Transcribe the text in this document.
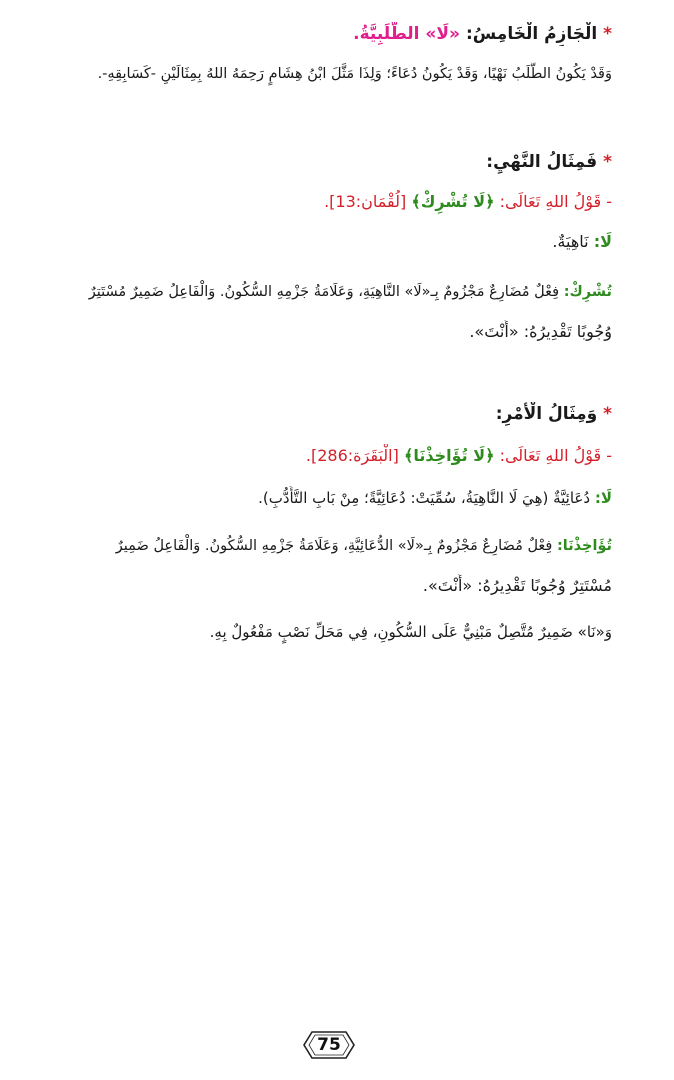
* الْجَازِمُ الْخَامِسُ: «لَا» الطَّلَبِيَّةُ.
وَقَدْ يَكُونُ الطَّلَبُ نَهْيًا، وَقَدْ يَكُونُ دُعَاءً؛ وَلِذَا مَثَّلَ ابْنُ هِشَامٍ رَحِمَهُ اللهُ بِمِثَالَيْنِ -كَسَابِقِهِ-.
* فَمِثَالُ النَّهْيِ:
- قَوْلُ اللهِ تَعَالَى: ﴿لَا تُشْرِكْ﴾ [لُقْمَان:13].
لَا: نَاهِيَةٌ.
تُشْرِكْ: فِعْلٌ مُضَارِعٌ مَجْزُومٌ بِـ«لَا» النَّاهِيَةِ، وَعَلَامَةُ جَزْمِهِ السُّكُونُ. وَالْفَاعِلُ ضَمِيرٌ مُسْتَتِرٌ
وُجُوبًا تَقْدِيرُهُ: «أَنْتَ».
* وَمِثَالُ الْأَمْرِ:
- قَوْلُ اللهِ تَعَالَى: ﴿لَا تُؤَاخِذْنَا﴾ [الْبَقَرَة:286].
لَا: دُعَائِيَّةٌ (هِيَ لَا النَّاهِيَةُ، سُمِّيَتْ: دُعَائِيَّةً؛ مِنْ بَابِ التَّأَدُّبِ).
تُؤَاخِذْنَا: فِعْلٌ مُضَارِعٌ مَجْزُومٌ بِـ«لَا» الدُّعَائِيَّةِ، وَعَلَامَةُ جَزْمِهِ السُّكُونُ. وَالْفَاعِلُ ضَمِيرٌ
مُسْتَتِرٌ وُجُوبًا تَقْدِيرُهُ: «أَنْتَ».
وَ«نَا» ضَمِيرٌ مُتَّصِلٌ مَبْنِيٌّ عَلَى السُّكُونِ، فِي مَحَلِّ نَصْبٍ مَفْعُولٌ بِهِ.
75
